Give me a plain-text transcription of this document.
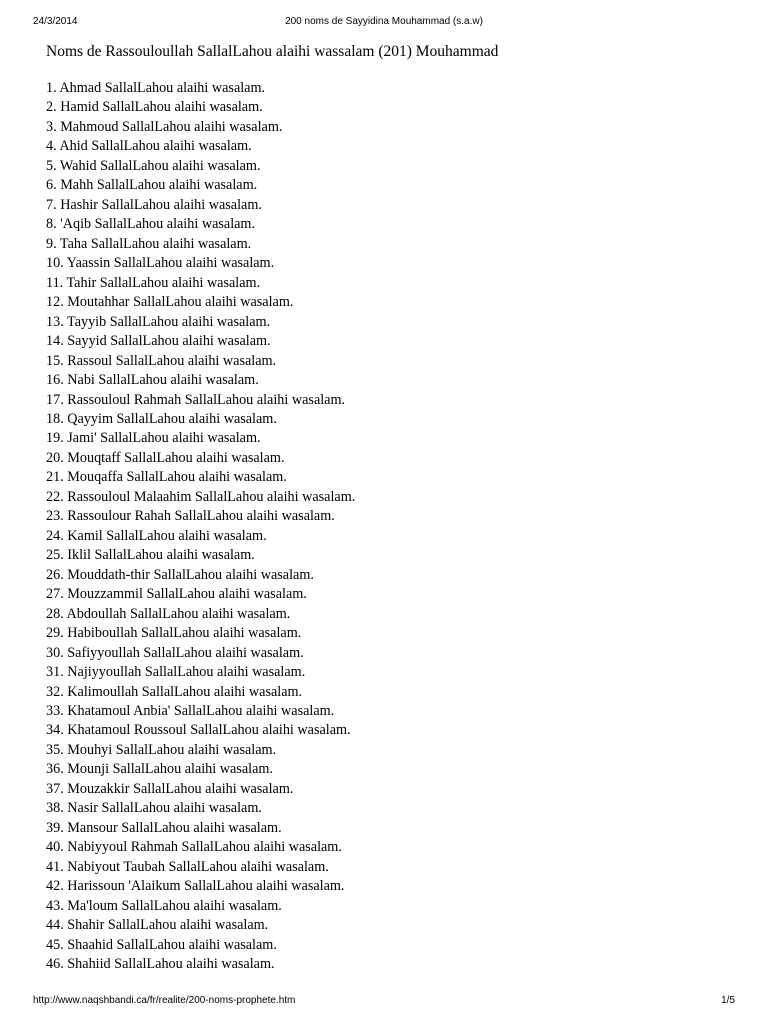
24/3/2014	200 noms de Sayyidina Mouhammad (s.a.w)
Noms de Rassouloullah SallalLahou alaihi wassalam (201) Mouhammad
1. Ahmad SallalLahou alaihi wasalam.
2. Hamid SallalLahou alaihi wasalam.
3. Mahmoud SallalLahou alaihi wasalam.
4. Ahid SallalLahou alaihi wasalam.
5. Wahid SallalLahou alaihi wasalam.
6. Mahh SallalLahou alaihi wasalam.
7. Hashir SallalLahou alaihi wasalam.
8. 'Aqib SallalLahou alaihi wasalam.
9. Taha SallalLahou alaihi wasalam.
10. Yaassin SallalLahou alaihi wasalam.
11. Tahir SallalLahou alaihi wasalam.
12. Moutahhar SallalLahou alaihi wasalam.
13. Tayyib SallalLahou alaihi wasalam.
14. Sayyid SallalLahou alaihi wasalam.
15. Rassoul SallalLahou alaihi wasalam.
16. Nabi SallalLahou alaihi wasalam.
17. Rassouloul Rahmah SallalLahou alaihi wasalam.
18. Qayyim SallalLahou alaihi wasalam.
19. Jami' SallalLahou alaihi wasalam.
20. Mouqtaff SallalLahou alaihi wasalam.
21. Mouqaffa SallalLahou alaihi wasalam.
22. Rassouloul Malaahim SallalLahou alaihi wasalam.
23. Rassoulour Rahah SallalLahou alaihi wasalam.
24. Kamil SallalLahou alaihi wasalam.
25. Iklil SallalLahou alaihi wasalam.
26. Mouddath-thir SallalLahou alaihi wasalam.
27. Mouzzammil SallalLahou alaihi wasalam.
28. Abdoullah SallalLahou alaihi wasalam.
29. Habiboullah SallalLahou alaihi wasalam.
30. Safiyyoullah SallalLahou alaihi wasalam.
31. Najiyyoullah SallalLahou alaihi wasalam.
32. Kalimoullah SallalLahou alaihi wasalam.
33. Khatamoul Anbia' SallalLahou alaihi wasalam.
34. Khatamoul Roussoul SallalLahou alaihi wasalam.
35. Mouhyi SallalLahou alaihi wasalam.
36. Mounji SallalLahou alaihi wasalam.
37. Mouzakkir SallalLahou alaihi wasalam.
38. Nasir SallalLahou alaihi wasalam.
39. Mansour SallalLahou alaihi wasalam.
40. Nabiyyoul Rahmah SallalLahou alaihi wasalam.
41. Nabiyout Taubah SallalLahou alaihi wasalam.
42. Harissoun 'Alaikum SallalLahou alaihi wasalam.
43. Ma'loum SallalLahou alaihi wasalam.
44. Shahir SallalLahou alaihi wasalam.
45. Shaahid SallalLahou alaihi wasalam.
46. Shahiid SallalLahou alaihi wasalam.
http://www.naqshbandi.ca/fr/realite/200-noms-prophete.htm	1/5
